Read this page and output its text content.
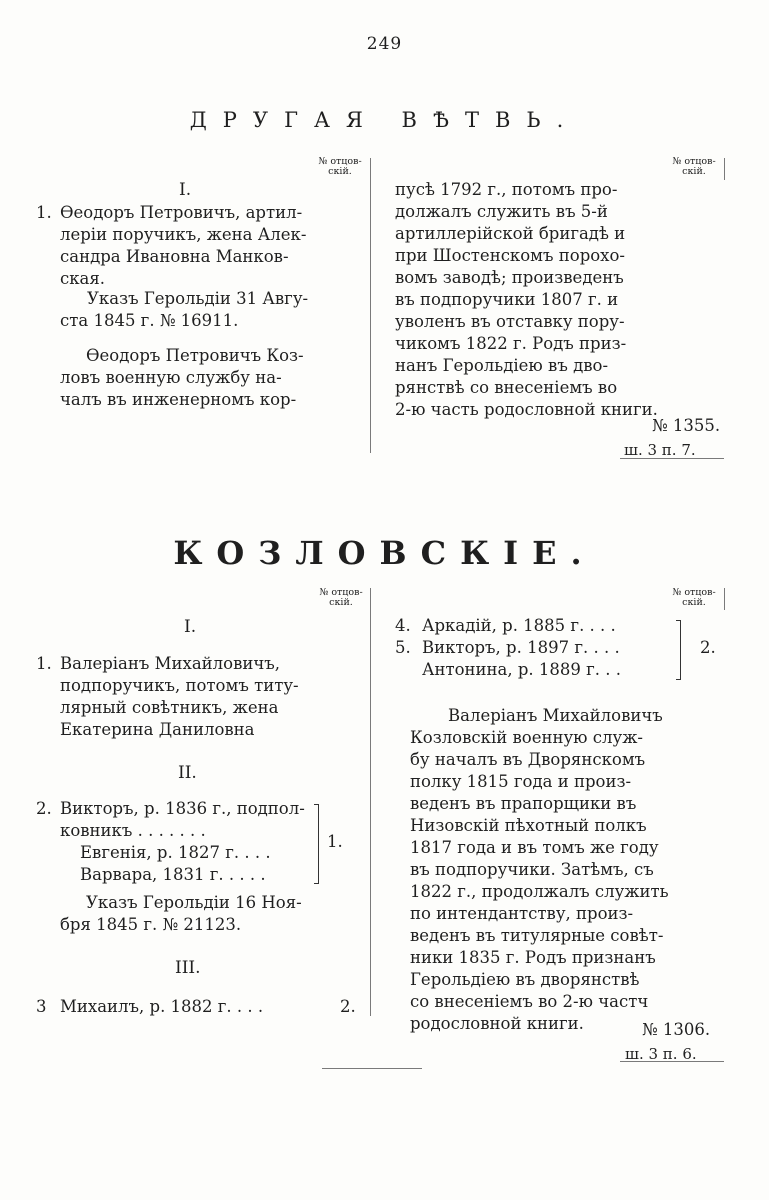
249
ДРУГАЯ ВѢТВЬ.
№ отцов-
скій.
№ отцов-
скій.
I.
1. Ѳеодоръ Петровичъ, артил-
леріи поручикъ, жена Алек-
сандра Ивановна Манков-
ская.
Указъ Герольдіи 31 Авгу-
ста 1845 г. № 16911.
Ѳеодоръ Петровичъ Коз-
ловъ военную службу на-
чалъ въ инженерномъ кор-
пусѣ 1792 г., потомъ про-
должалъ служить въ 5-й
артиллерійской бригадѣ и
при Шостенскомъ порохо-
вомъ заводѣ; произведенъ
въ подпоручики 1807 г. и
уволенъ въ отставку пору-
чикомъ 1822 г. Родъ приз-
нанъ Герольдіею въ дво-
рянствѣ со внесеніемъ во
2-ю часть родословной книги.
№ 1355.
ш. 3 п. 7.
КОЗЛОВСКІЕ.
№ отцов-
скій.
№ отцов-
скій.
I.
1. Валеріанъ Михайловичъ,
подпоручикъ, потомъ титу-
лярный совѣтникъ, жена
Екатерина Даниловна
II.
2. Викторъ, р. 1836 г., подпол-
ковникъ . . . . . . .
Евгенія, р. 1827 г. . . .
Варвара, 1831 г. . . . .
1.
Указъ Герольдіи 16 Ноя-
бря 1845 г. № 21123.
III.
3 Михаилъ, р. 1882 г. . . .	2.
4. Аркадій, р. 1885 г. . . .
5. Викторъ, р. 1897 г. . . .
Антонина, р. 1889 г. . .
2.
Валеріанъ Михайловичъ
Козловскій военную служ-
бу началъ въ Дворянскомъ
полку 1815 года и произ-
веденъ въ прапорщики въ
Низовскій пѣхотный полкъ
1817 года и въ томъ же году
въ подпоручики. Затѣмъ, съ
1822 г., продолжалъ служить
по интендантству, произ-
веденъ въ титулярные совѣт-
ники 1835 г. Родъ признанъ
Герольдіею въ дворянствѣ
со внесеніемъ во 2-ю частч
родословной книги.	№ 1306.
ш. 3 п. 6.
